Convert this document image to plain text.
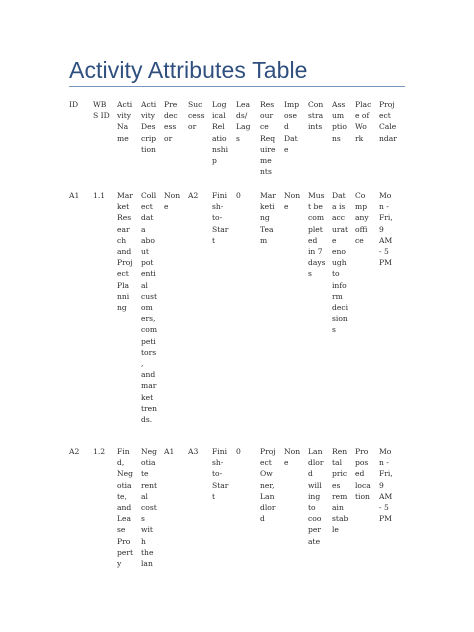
Activity Attributes Table
ID WB
S ID
Acti
vity
Na
me
Acti
vity
Des
crip
tion
Pre
dec
ess
or
Suc
cess
or
Log
ical
Rel
atio
nshi
p
Lea
ds/
Lag
s
Res
our
ce
Req
uire
me
nts
Imp
ose
d
Dat
e
Con
stra
ints
Ass
um
ptio
ns
Plac
e of
Wo
rk
Proj
ect
Cale
ndar
A1 1.1 Mar
ket
Res
ear
ch
and
Proj
ect
Pla
nni
ng
Coll
ect
dat
a
abo
ut
pot
enti
al
cust
om
ers,
com
peti
tors
,
and
mar
ket
tren
ds.
Non
e
A2 Fini
sh-
to-
Star
t
0	Mar
keti
ng
Tea
m
Non
e
Mus
t be
com
plet
ed
in 7
days
s
Dat
a is
acc
urat
e
eno
ugh
to
info
rm
deci
sion
s
Co
mp
any
offi
ce
Mo
n -
Fri,
9
AM
- 5
PM
A2 1.2 Fin
d,
Neg
otia
te,
and
Lea
se
Pro
pert
y
Neg
otia
te
rent
al
cost
s
wit
h
the
lan
A1 A3 Fini
sh-
to-
Star
t
0	Proj
ect
Ow
ner,
Lan
dlor
d
Non
e
Lan
dlor
d
will
ing
to
coo
per
ate
Ren
tal
pric
es
rem
ain
stab
le
Pro
pos
ed
loca
tion
Mo
n -
Fri,
9
AM
- 5
PM
